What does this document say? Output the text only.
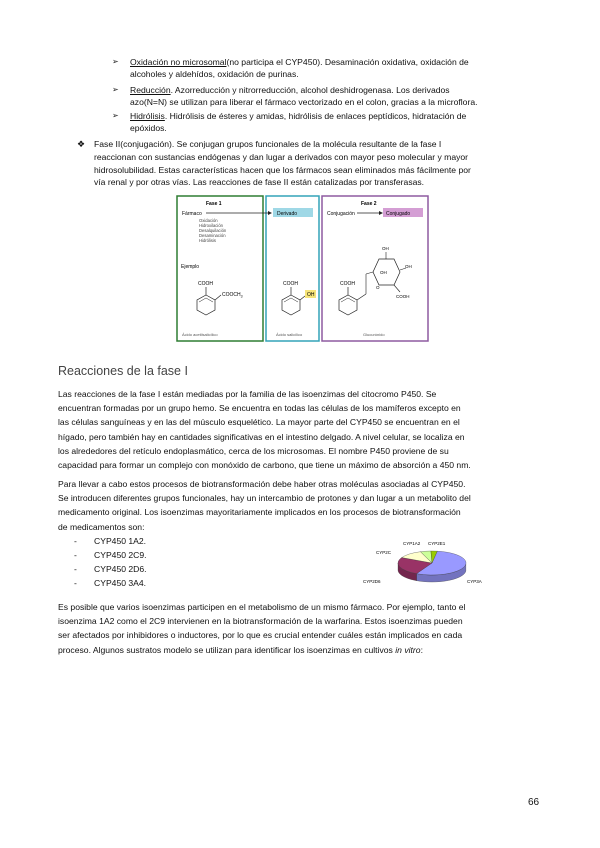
➢ Oxidación no microsomal(no participa el CYP450). Desaminación oxidativa, oxidación de
alcoholes y aldehídos, oxidación de purinas.
➢ Reducción. Azorreducción y nitrorreducción, alcohol deshidrogenasa. Los derivados
azo(N=N) se utilizan para liberar el fármaco vectorizado en el colon, gracias a la microflora.
➢ Hidrólisis. Hidrólisis de ésteres y amidas, hidrólisis de enlaces peptídicos, hidratación de
epóxidos.
❖ Fase II(conjugación). Se conjugan grupos funcionales de la molécula resultante de la fase I
reaccionan con sustancias endógenas y dan lugar a derivados con mayor peso molecular y mayor
hidrosolubilidad. Estas características hacen que los fármacos sean eliminados más fácilmente por
vía renal y por otras vías. Las reacciones de fase II están catalizadas por transferasas.
Fase 1	Fase 2
Fármaco	Derivado	Conjugación	Conjugado
Oxidación
Hidroxilación
Desalquilación
Desaminación
Hidrólisis
Ejemplo
COOH
$COOCH_3$
Ácido acetilsalicílico
COOH
OH
Ácido salicílico
COOH
OH
OH
OH
COOH
O
Glucurónido
Reacciones de la fase I
Las reacciones de la fase I están mediadas por la familia de las isoenzimas del citocromo P450. Se
encuentran formadas por un grupo hemo. Se encuentra en todas las células de los mamíferos excepto en
las células sanguíneas y en las del músculo esquelético. La mayor parte del CYP450 se encuentran en el
hígado, pero también hay en cantidades significativas en el intestino delgado. A nivel celular, se localiza en
los alrededores del retículo endoplasmático, cerca de los microsomas. El nombre P450 proviene de su
capacidad para formar un complejo con monóxido de carbono, que tiene un máximo de absorción a 450 nm.
Para llevar a cabo estos procesos de biotransformación debe haber otras moléculas asociadas al CYP450.
Se introducen diferentes grupos funcionales, hay un intercambio de protones y dan lugar a un metabolito del
medicamento original. Los isoenzimas mayoritariamente implicados en los procesos de biotransformación
de medicamentos son:
- CYP450 1A2.
- CYP450 2C9.
- CYP450 2D6.
- CYP450 3A4.
CYP2C
CYP1A2 CYP2E1
CYP2D6	CYP3A
Es posible que varios isoenzimas participen en el metabolismo de un mismo fármaco. Por ejemplo, tanto el
isoenzima 1A2 como el 2C9 intervienen en la biotransformación de la warfarina. Estos isoenzimas pueden
ser afectados por inhibidores o inductores, por lo que es crucial entender cuáles están implicados en cada
proceso. Algunos sustratos modelo se utilizan para identificar los isoenzimas en cultivos in vitro:
66
